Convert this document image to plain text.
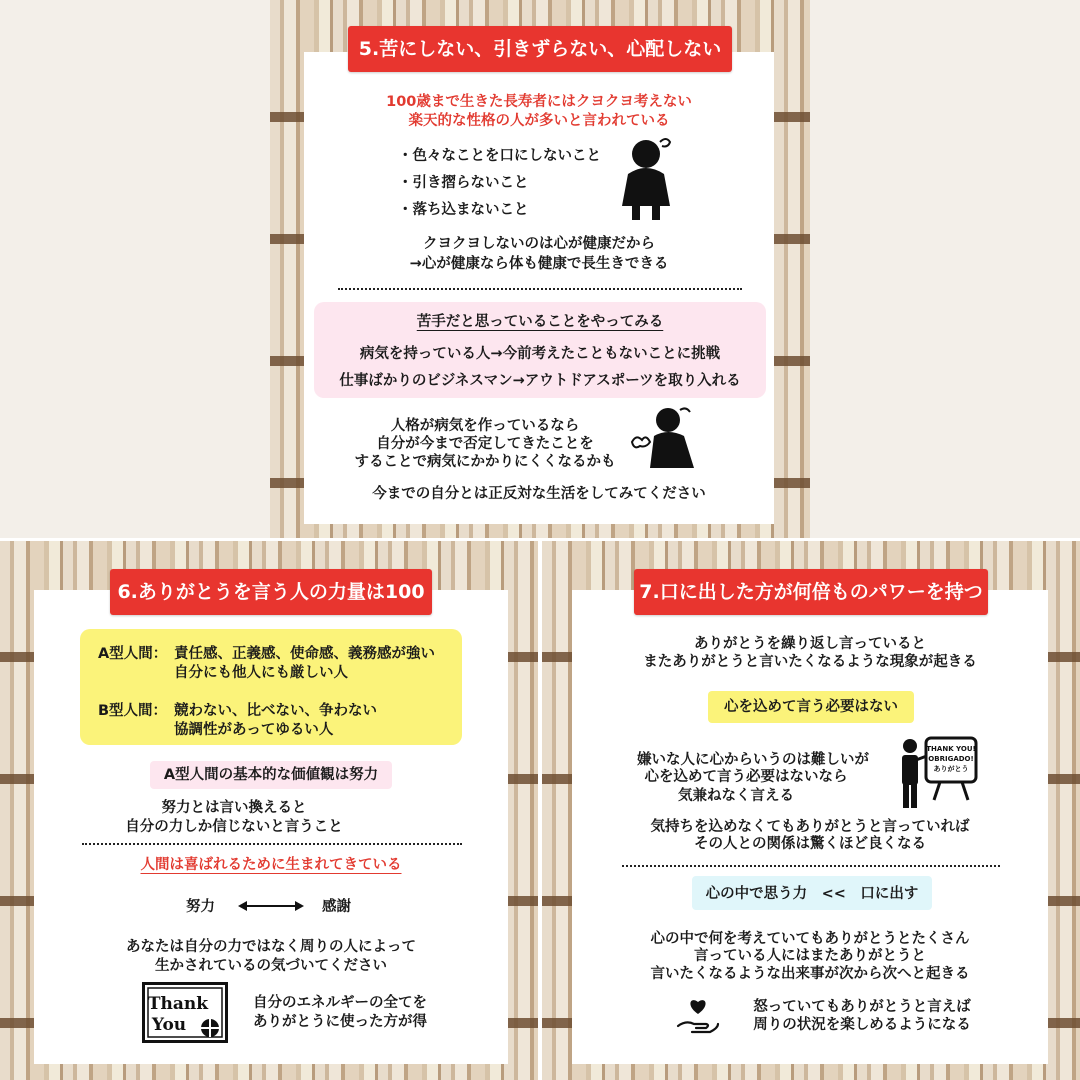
5.苦にしない、引きずらない、心配しない
100歳まで生きた長寿者にはクヨクヨ考えない
楽天的な性格の人が多いと言われている
・ 色々なことを口にしないこと
・ 引き摺らないこと
・ 落ち込まないこと
クヨクヨしないのは心が健康だから
→心が健康なら体も健康で長生きできる
苦手だと思っていることをやってみる
病気を持っている人→今前考えたこともないことに挑戦
仕事ばかりのビジネスマン→アウトドアスポーツを取り入れる
人格が病気を作っているなら
自分が今まで否定してきたことを
することで病気にかかりにくくなるかも
今までの自分とは正反対な生活をしてみてください
6.ありがとうを言う人の力量は100
A型人間： 責任感、正義感、使命感、義務感が強い
自分にも他人にも厳しい人
B型人間： 競わない、比べない、争わない
協調性があってゆるい人
A型人間の基本的な価値観は努力
努力とは言い換えると
自分の力しか信じないと言うこと
人間は喜ばれるために生まれてきている
努力	感謝
あなたは自分の力ではなく周りの人によって
生かされているの気づいてください
Thank
You
自分のエネルギーの全てを
ありがとうに使った方が得
7.口に出した方が何倍ものパワーを持つ
ありがとうを繰り返し言っていると
またありがとうと言いたくなるような現象が起きる
心を込めて言う必要はない
嫌いな人に心からいうのは難しいが
心を込めて言う必要はないなら
気兼ねなく言える
THANK YOU!
OBRIGADO!
ありがとう
気持ちを込めなくてもありがとうと言っていれば
その人との関係は驚くほど良くなる
心の中で思う力　<<　口に出す
心の中で何を考えていてもありがとうとたくさん
言っている人にはまたありがとうと
言いたくなるような出来事が次から次へと起きる
怒っていてもありがとうと言えば
周りの状況を楽しめるようになる
